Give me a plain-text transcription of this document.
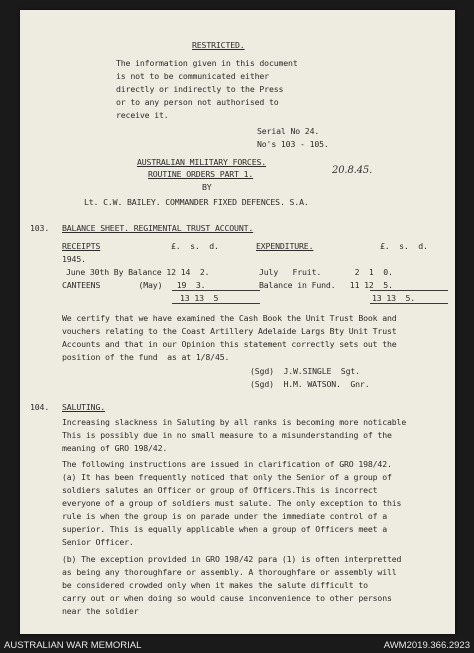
RESTRICTED.
The information given in this document
is not to be communicated either
directly or indirectly to the Press
or to any person not authorised to
receive it.
Serial No 24.
No's 103 - 105.
AUSTRALIAN MILITARY FORCES.
ROUTINE ORDERS PART 1.	20.8.45.
BY
Lt. C.W. BAILEY. COMMANDER FIXED DEFENCES. S.A.
103. BALANCE SHEET. REGIMENTAL TRUST ACCOUNT.
RECEIPTS	£.  s.  d.	EXPENDITURE.	£.  s.  d.
1945.
June 30th By Balance 12 14  2.
CANTEENS        (May)   19  3.
13 13  5
July   Fruit.       2  1  0.
Balance in Fund.   11 12  5.
13 13  5.
We certify that we have examined the Cash Book the Unit Trust Book and
vouchers relating to the Coast Artillery Adelaide Largs Bty Unit Trust
Accounts and that in our Opinion this statement correctly sets out the
position of the fund  as at 1/8/45.
(Sgd)  J.W.SINGLE  Sgt.
(Sgd)  H.M. WATSON.  Gnr.
104. SALUTING.
Increasing slackness in Saluting by all ranks is becoming more noticable
This is possibly due in no small measure to a misunderstanding of the
meaning of GRO 198/42.
The following instructions are issued in clarification of GRO 198/42.
(a) It has been frequently noticed that only the Senior of a group of
soldiers salutes an Officer or group of Officers.This is incorrect
everyone of a group of soldiers must salute. The only exception to this
rule is when the group is on parade under the immediate control of a
superior. This is equally applicable when a group of Officers meet a
Senior Officer.
(b) The exception provided in GRO 198/42 para (1) is often interpretted
as being any thoroughfare or assembly. A thoroughfare or assembly will
be considered crowded only when it makes the salute difficult to
carry out or when doing so would cause inconvenience to other persons
near the soldier
AUSTRALIAN WAR MEMORIAL	AWM2019.366.2923
